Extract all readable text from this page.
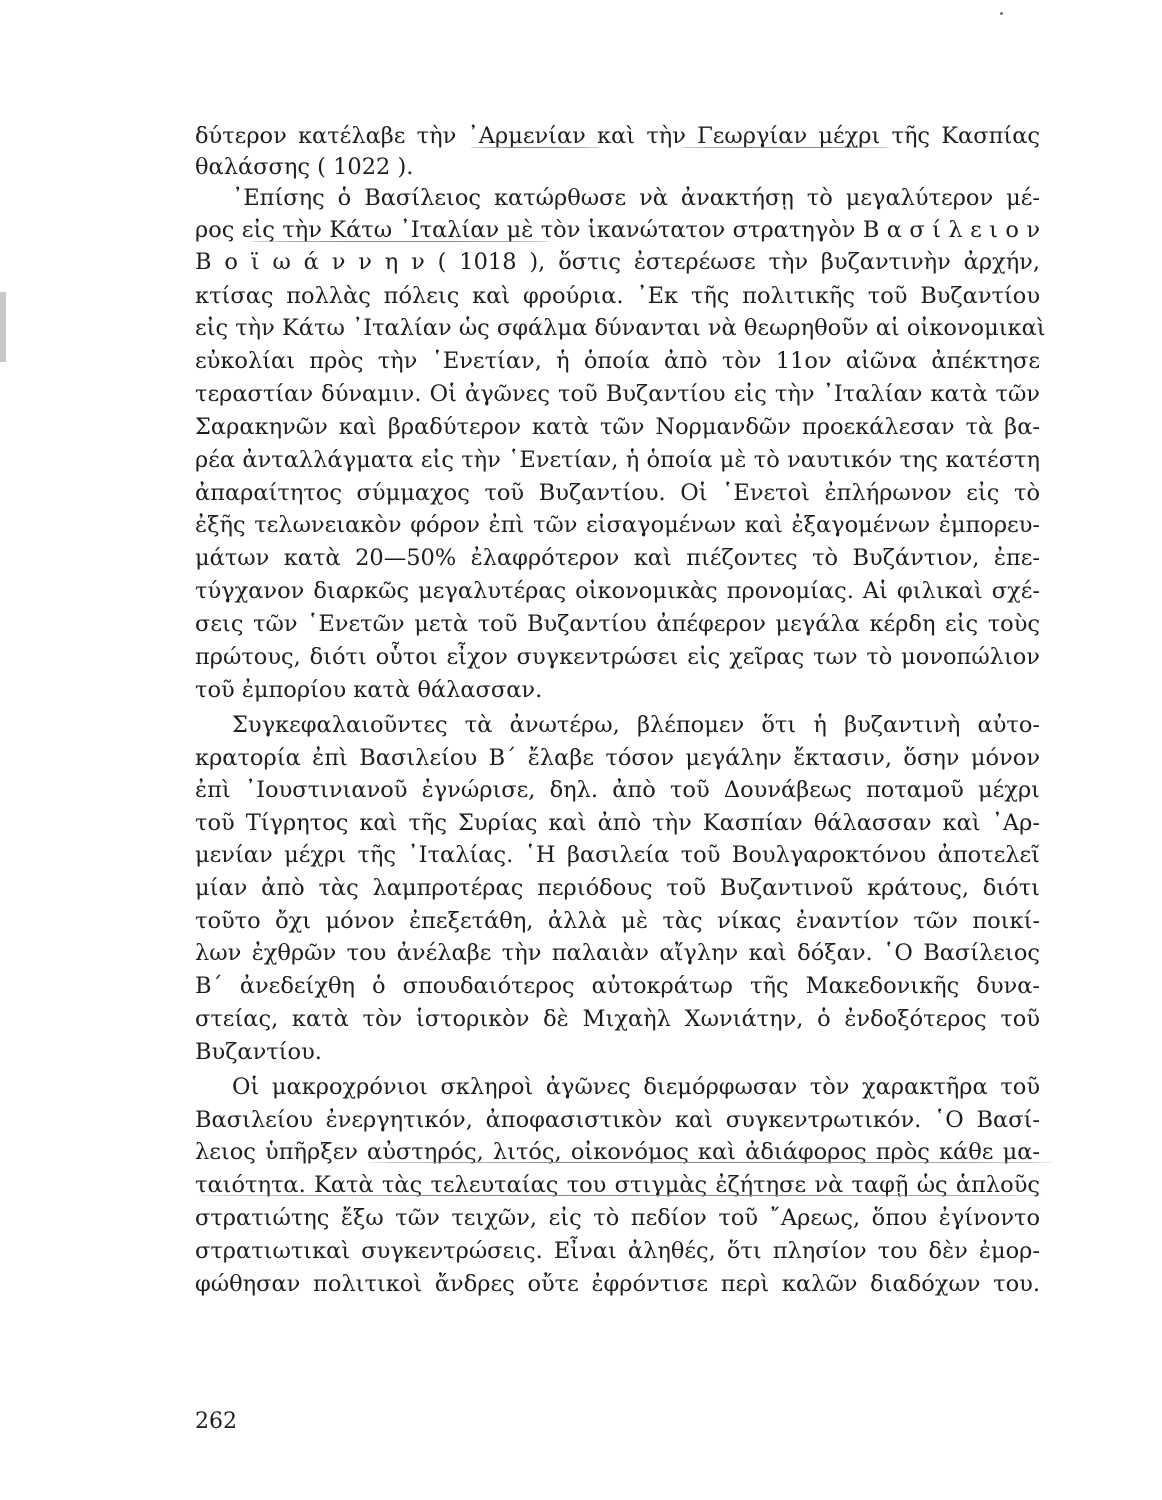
δύτερον κατέλαβε τὴν ᾿Αρμενίαν καὶ τὴν Γεωργίαν μέχρι τῆς Κασπίας
θαλάσσης ( 1022 ).
᾿Επίσης ὁ Βασίλειος κατώρθωσε νὰ ἀνακτήσῃ τὸ μεγαλύτερον μέ-
ρος εἰς τὴν Κάτω ᾿Ιταλίαν μὲ τὸν ἱκανώτατον στρατηγὸν Β α σ ί λ ε ι ο ν
Β ο ϊ ω ά ν ν η ν ( 1018 ), ὅστις ἐστερέωσε τὴν βυζαντινὴν ἀρχήν,
κτίσας πολλὰς πόλεις καὶ φρούρια. ᾿Εκ τῆς πολιτικῆς τοῦ Βυζαντίου
εἰς τὴν Κάτω ᾿Ιταλίαν ὡς σφάλμα δύνανται νὰ θεωρηθοῦν αἱ οἰκονομικαὶ
εὐκολίαι πρὸς τὴν ῾Ενετίαν, ἡ ὁποία ἀπὸ τὸν 11ον αἰῶνα ἀπέκτησε
τεραστίαν δύναμιν. Οἱ ἀγῶνες τοῦ Βυζαντίου εἰς τὴν ᾿Ιταλίαν κατὰ τῶν
Σαρακηνῶν καὶ βραδύτερον κατὰ τῶν Νορμανδῶν προεκάλεσαν τὰ βα-
ρέα ἀνταλλάγματα εἰς τὴν ῾Ενετίαν, ἡ ὁποία μὲ τὸ ναυτικόν της κατέστη
ἀπαραίτητος σύμμαχος τοῦ Βυζαντίου. Οἱ ῾Ενετοὶ ἐπλήρωνον εἰς τὸ
ἐξῆς τελωνειακὸν φόρον ἐπὶ τῶν εἰσαγομένων καὶ ἐξαγομένων ἐμπορευ-
μάτων κατὰ 20—50% ἐλαφρότερον καὶ πιέζοντες τὸ Βυζάντιον, ἐπε-
τύγχανον διαρκῶς μεγαλυτέρας οἰκονομικὰς προνομίας. Αἱ φιλικαὶ σχέ-
σεις τῶν ῾Ενετῶν μετὰ τοῦ Βυζαντίου ἀπέφερον μεγάλα κέρδη εἰς τοὺς
πρώτους, διότι οὗτοι εἶχον συγκεντρώσει εἰς χεῖρας των τὸ μονοπώλιον
τοῦ ἐμπορίου κατὰ θάλασσαν.
Συγκεφαλαιοῦντες τὰ ἀνωτέρω, βλέπομεν ὅτι ἡ βυζαντινὴ αὐτο-
κρατορία ἐπὶ Βασιλείου Β´ ἔλαβε τόσον μεγάλην ἔκτασιν, ὅσην μόνον
ἐπὶ ᾿Ιουστινιανοῦ ἐγνώρισε, δηλ. ἀπὸ τοῦ Δουνάβεως ποταμοῦ μέχρι
τοῦ Τίγρητος καὶ τῆς Συρίας καὶ ἀπὸ τὴν Κασπίαν θάλασσαν καὶ ᾿Αρ-
μενίαν μέχρι τῆς ᾿Ιταλίας. ῾Η βασιλεία τοῦ Βουλγαροκτόνου ἀποτελεῖ
μίαν ἀπὸ τὰς λαμπροτέρας περιόδους τοῦ Βυζαντινοῦ κράτους, διότι
τοῦτο ὄχι μόνον ἐπεξετάθη, ἀλλὰ μὲ τὰς νίκας ἐναντίον τῶν ποικί-
λων ἐχθρῶν του ἀνέλαβε τὴν παλαιὰν αἴγλην καὶ δόξαν. ῾Ο Βασίλειος
Β´ ἀνεδείχθη ὁ σπουδαιότερος αὐτοκράτωρ τῆς Μακεδονικῆς δυνα-
στείας, κατὰ τὸν ἱστορικὸν δὲ Μιχαὴλ Χωνιάτην, ὁ ἐνδοξότερος τοῦ
Βυζαντίου.
Οἱ μακροχρόνιοι σκληροὶ ἀγῶνες διεμόρφωσαν τὸν χαρακτῆρα τοῦ
Βασιλείου ἐνεργητικόν, ἀποφασιστικὸν καὶ συγκεντρωτικόν. ῾Ο Βασί-
λειος ὑπῆρξεν αὐστηρός, λιτός, οἰκονόμος καὶ ἀδιάφορος πρὸς κάθε μα-
ταιότητα. Κατὰ τὰς τελευταίας του στιγμὰς ἐζήτησε νὰ ταφῇ ὡς ἁπλοῦς
στρατιώτης ἔξω τῶν τειχῶν, εἰς τὸ πεδίον τοῦ ῎Αρεως, ὅπου ἐγίνοντο
στρατιωτικαὶ συγκεντρώσεις. Εἶναι ἀληθές, ὅτι πλησίον του δὲν ἐμορ-
φώθησαν πολιτικοὶ ἄνδρες οὔτε ἐφρόντισε περὶ καλῶν διαδόχων του.
262
